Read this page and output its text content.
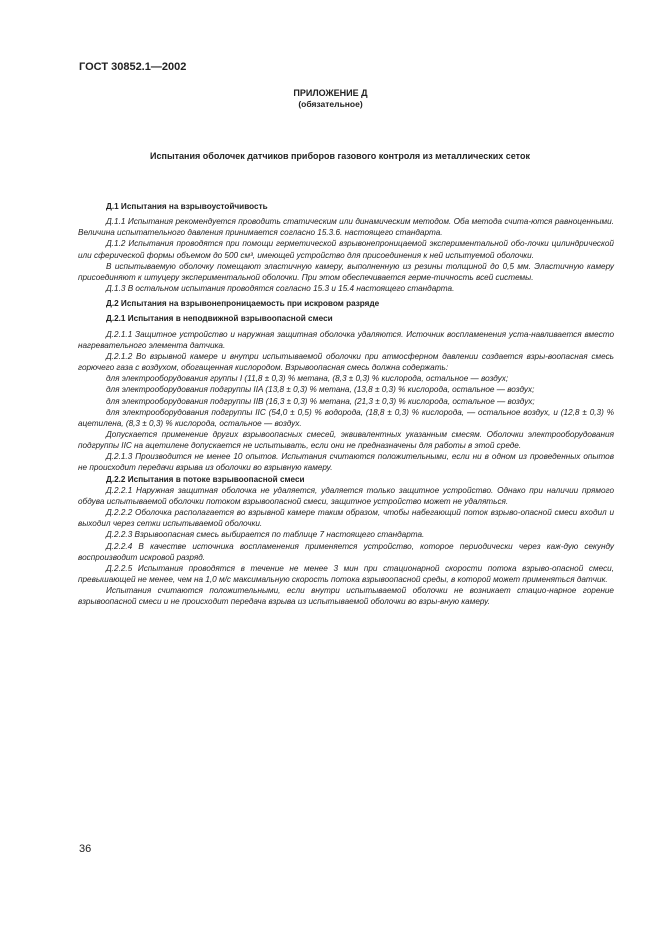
ГОСТ 30852.1—2002
ПРИЛОЖЕНИЕ Д
(обязательное)
Испытания оболочек датчиков приборов газового контроля из металлических сеток

Д.1 Испытания на взрывоустойчивость

Д.1.1 Испытания рекомендуется проводить статическим или динамическим методом. Оба метода счита-ются равноценными. Величина испытательного давления принимается согласно 15.3.6. настоящего стандарта.

Д.1.2 Испытания проводятся при помощи герметической взрывонепроницаемой экспериментальной обо-лочки цилиндрической или сферической формы объемом до 500 см³, имеющей устройство для присоединения к ней испытуемой оболочки.

В испытываемую оболочку помещают эластичную камеру, выполненную из резины толщиной до 0,5 мм. Эластичную камеру присоединяют к штуцеру экспериментальной оболочки. При этом обеспечивается гермe-тичность всей системы.

Д.1.3 В остальном испытания проводятся согласно 15.3 и 15.4 настоящего стандарта.

Д.2 Испытания на взрывонепроницаемость при искровом разряде

Д.2.1 Испытания в неподвижной взрывоопасной смеси

Д.2.1.1 Защитное устройство и наружная защитная оболочка удаляются. Источник воспламенения уста-навливается вместо нагревательного элемента датчика.

Д.2.1.2 Во взрывной камере и внутри испытываемой оболочки при атмосферном давлении создается взры-воопасная смесь горючего газа с воздухом, обогащенная кислородом. Взрывоопасная смесь должна содержать:

для электрооборудования группы I (11,8 ± 0,3) % метана, (8,3 ± 0,3) % кислорода, остальное — воздух;

для электрооборудования подгруппы IIA (13,8 ± 0,3) % метана, (13,8 ± 0,3) % кислорода, остальное — воздух;

для электрооборудования подгруппы IIB (16,3 ± 0,3) % метана, (21,3 ± 0,3) % кислорода, остальное — воздух;

для электрооборудования подгруппы IIC (54,0 ± 0,5) % водорода, (18,8 ± 0,3) % кислорода, — остальное воздух, и (12,8 ± 0,3) % ацетилена, (8,3 ± 0,3) % кислорода, остальное — воздух.

Допускается применение других взрывоопасных смесей, эквивалентных указанным смесям. Оболочки электрооборудования подгруппы IIC на ацетилене допускается не испытывать, если они не предназначены для работы в этой среде.

Д.2.1.3 Производится не менее 10 опытов. Испытания считаются положительными, если ни в одном из проведенных опытов не происходит передачи взрыва из оболочки во взрывную камеру.

Д.2.2 Испытания в потоке взрывоопасной смеси

Д.2.2.1 Наружная защитная оболочка не удаляется, удаляется только защитное устройство. Однако при наличии прямого обдува испытываемой оболочки потоком взрывоопасной смеси, защитное устройство может не удаляться.

Д.2.2.2 Оболочка располагается во взрывной камере таким образом, чтобы набегающий поток взрыво-опасной смеси входил и выходил через сетки испытываемой оболочки.

Д.2.2.3 Взрывоопасная смесь выбирается по таблице 7 настоящего стандарта.

Д.2.2.4 В качестве источника воспламенения применяется устройство, которое периодически через каж-дую секунду воспроизводит искровой разряд.

Д.2.2.5 Испытания проводятся в течение не менее 3 мин при стационарной скорости потока взрыво-опасной смеси, превышающей не менее, чем на 1,0 м/с максимальную скорость потока взрывоопасной среды, в которой может применяться датчик.

Испытания считаются положительными, если внутри испытываемой оболочки не возникает стацио-нарное горение взрывоопасной смеси и не происходит передача взрыва из испытываемой оболочки во взры-вную камеру.

36
